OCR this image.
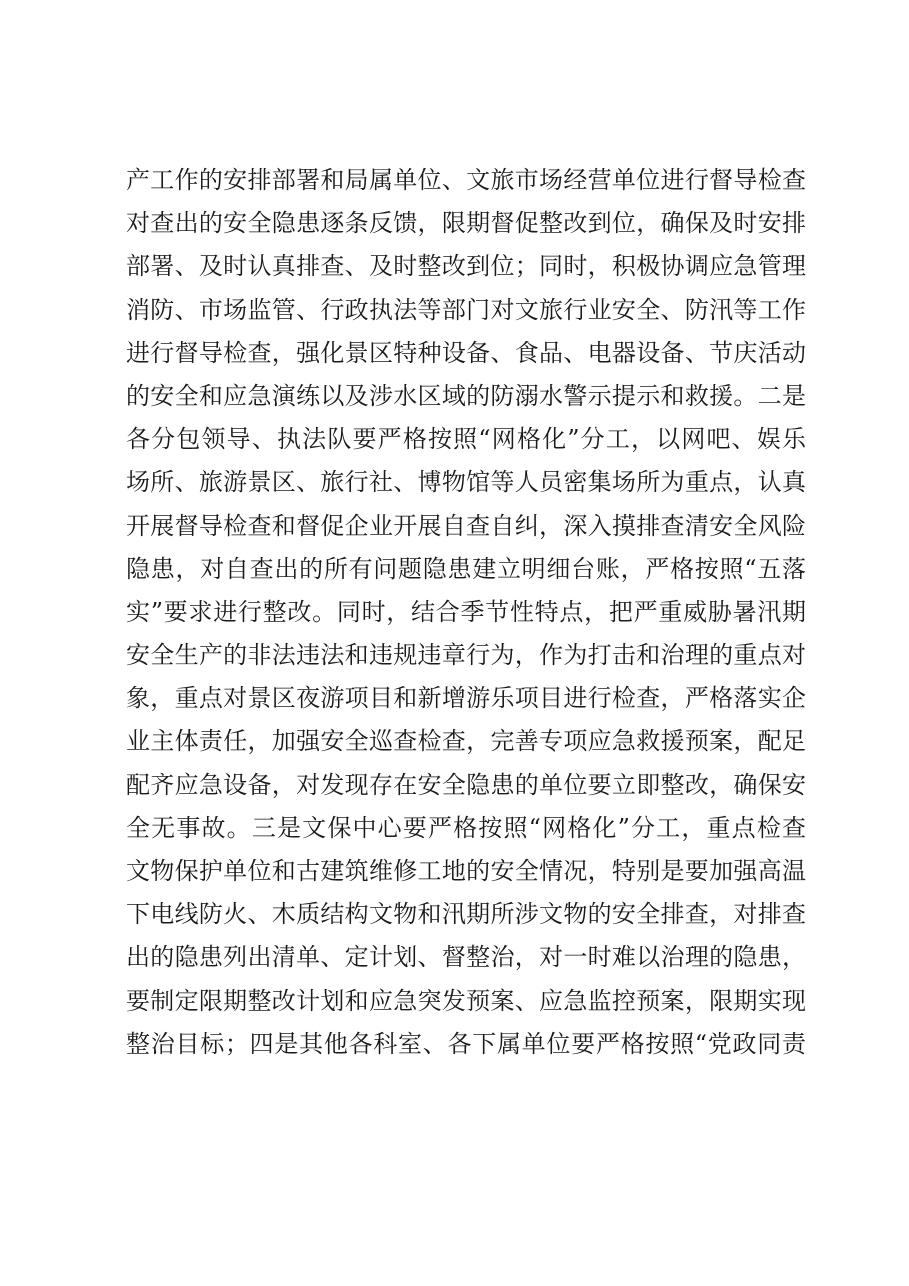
产工作的安排部署和局属单位、文旅市场经营单位进行督导检查
对查出的安全隐患逐条反馈，限期督促整改到位，确保及时安排
部署、及时认真排查、及时整改到位；同时，积极协调应急管理
消防、市场监管、行政执法等部门对文旅行业安全、防汛等工作
进行督导检查，强化景区特种设备、食品、电器设备、节庆活动
的安全和应急演练以及涉水区域的防溺水警示提示和救援。二是
各分包领导、执法队要严格按照“网格化”分工，以网吧、娱乐
场所、旅游景区、旅行社、博物馆等人员密集场所为重点，认真
开展督导检查和督促企业开展自查自纠，深入摸排查清安全风险
隐患，对自查出的所有问题隐患建立明细台账，严格按照“五落
实”要求进行整改。同时，结合季节性特点，把严重威胁暑汛期
安全生产的非法违法和违规违章行为，作为打击和治理的重点对
象，重点对景区夜游项目和新增游乐项目进行检查，严格落实企
业主体责任，加强安全巡查检查，完善专项应急救援预案，配足
配齐应急设备，对发现存在安全隐患的单位要立即整改，确保安
全无事故。三是文保中心要严格按照“网格化”分工，重点检查
文物保护单位和古建筑维修工地的安全情况，特别是要加强高温
下电线防火、木质结构文物和汛期所涉文物的安全排查，对排查
出的隐患列出清单、定计划、督整治，对一时难以治理的隐患，
要制定限期整改计划和应急突发预案、应急监控预案，限期实现
整治目标；四是其他各科室、各下属单位要严格按照“党政同责
